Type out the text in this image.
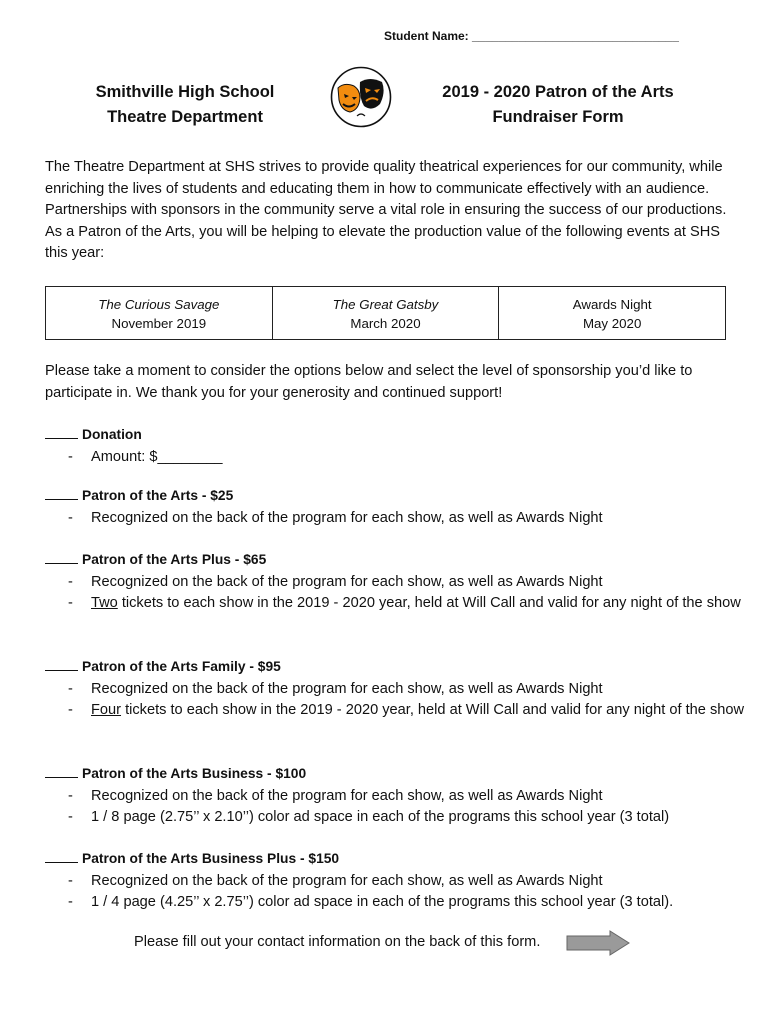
Student Name: _______________________________
Smithville High School
Theatre Department
2019 - 2020 Patron of the Arts
Fundraiser Form
The Theatre Department at SHS strives to provide quality theatrical experiences for our community, while enriching the lives of students and educating them in how to communicate effectively with an audience. Partnerships with sponsors in the community serve a vital role in ensuring the success of our productions. As a Patron of the Arts, you will be helping to elevate the production value of the following events at SHS this year:
The Curious Savage
November 2019

The Great Gatsby
March 2020

Awards Night
May 2020
Please take a moment to consider the options below and select the level of sponsorship you’d like to participate in. We thank you for your generosity and continued support!
Donation
- Amount: $________
Patron of the Arts - $25
- Recognized on the back of the program for each show, as well as Awards Night
Patron of the Arts Plus - $65
- Recognized on the back of the program for each show, as well as Awards Night
- Two tickets to each show in the 2019 - 2020 year, held at Will Call and valid for any night of the show
Patron of the Arts Family - $95
- Recognized on the back of the program for each show, as well as Awards Night
- Four tickets to each show in the 2019 - 2020 year, held at Will Call and valid for any night of the show
Patron of the Arts Business - $100
- Recognized on the back of the program for each show, as well as Awards Night
- 1 / 8 page (2.75’’ x 2.10’’) color ad space in each of the programs this school year (3 total)
Patron of the Arts Business Plus - $150
- Recognized on the back of the program for each show, as well as Awards Night
- 1 / 4 page (4.25’’ x 2.75’’) color ad space in each of the programs this school year (3 total).
Please fill out your contact information on the back of this form.
